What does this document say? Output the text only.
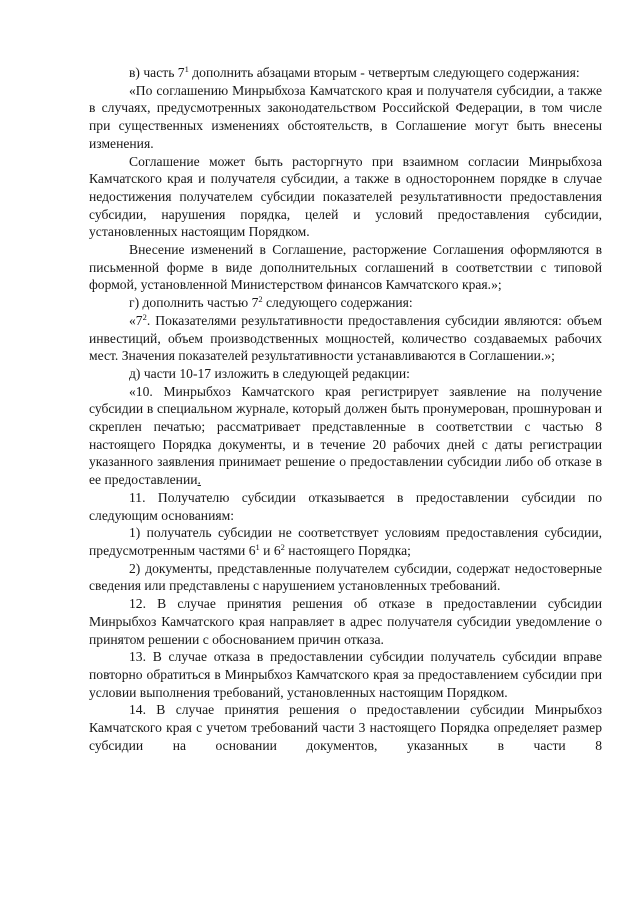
в) часть $7^1$ дополнить абзацами вторым - четвертым следующего содержания:

«По соглашению Минрыбхоза Камчатского края и получателя субсидии, а также в случаях, предусмотренных законодательством Российской Федерации, в том числе при существенных изменениях обстоятельств, в Соглашение могут быть внесены изменения.

Соглашение может быть расторгнуто при взаимном согласии Минрыбхоза Камчатского края и получателя субсидии, а также в одностороннем порядке в случае недостижения получателем субсидии показателей результативности предоставления субсидии, нарушения порядка, целей и условий предоставления субсидии, установленных настоящим Порядком.

Внесение изменений в Соглашение, расторжение Соглашения оформляются в письменной форме в виде дополнительных соглашений в соответствии с типовой формой, установленной Министерством финансов Камчатского края.»;

г) дополнить частью $7^2$ следующего содержания:

«$7^2$. Показателями результативности предоставления субсидии являются: объем инвестиций, объем производственных мощностей, количество создаваемых рабочих мест. Значения показателей результативности устанавливаются в Соглашении.»;

д) части 10-17 изложить в следующей редакции:

«10. Минрыбхоз Камчатского края регистрирует заявление на получение субсидии в специальном журнале, который должен быть пронумерован, прошнурован и скреплен печатью; рассматривает представленные в соответствии с частью 8 настоящего Порядка документы, и в течение 20 рабочих дней с даты регистрации указанного заявления принимает решение о предоставлении субсидии либо об отказе в ее предоставлении.

11. Получателю субсидии отказывается в предоставлении субсидии по следующим основаниям:

1) получатель субсидии не соответствует условиям предоставления субсидии, предусмотренным частями $6^1$ и $6^2$ настоящего Порядка;

2) документы, представленные получателем субсидии, содержат недостоверные сведения или представлены с нарушением установленных требований.

12. В случае принятия решения об отказе в предоставлении субсидии Минрыбхоз Камчатского края направляет в адрес получателя субсидии уведомление о принятом решении с обоснованием причин отказа.

13. В случае отказа в предоставлении субсидии получатель субсидии вправе повторно обратиться в Минрыбхоз Камчатского края за предоставлением субсидии при условии выполнения требований, установленных настоящим Порядком.

14. В случае принятия решения о предоставлении субсидии Минрыбхоз Камчатского края с учетом требований части 3 настоящего Порядка определяет размер субсидии на основании документов, указанных в части 8
